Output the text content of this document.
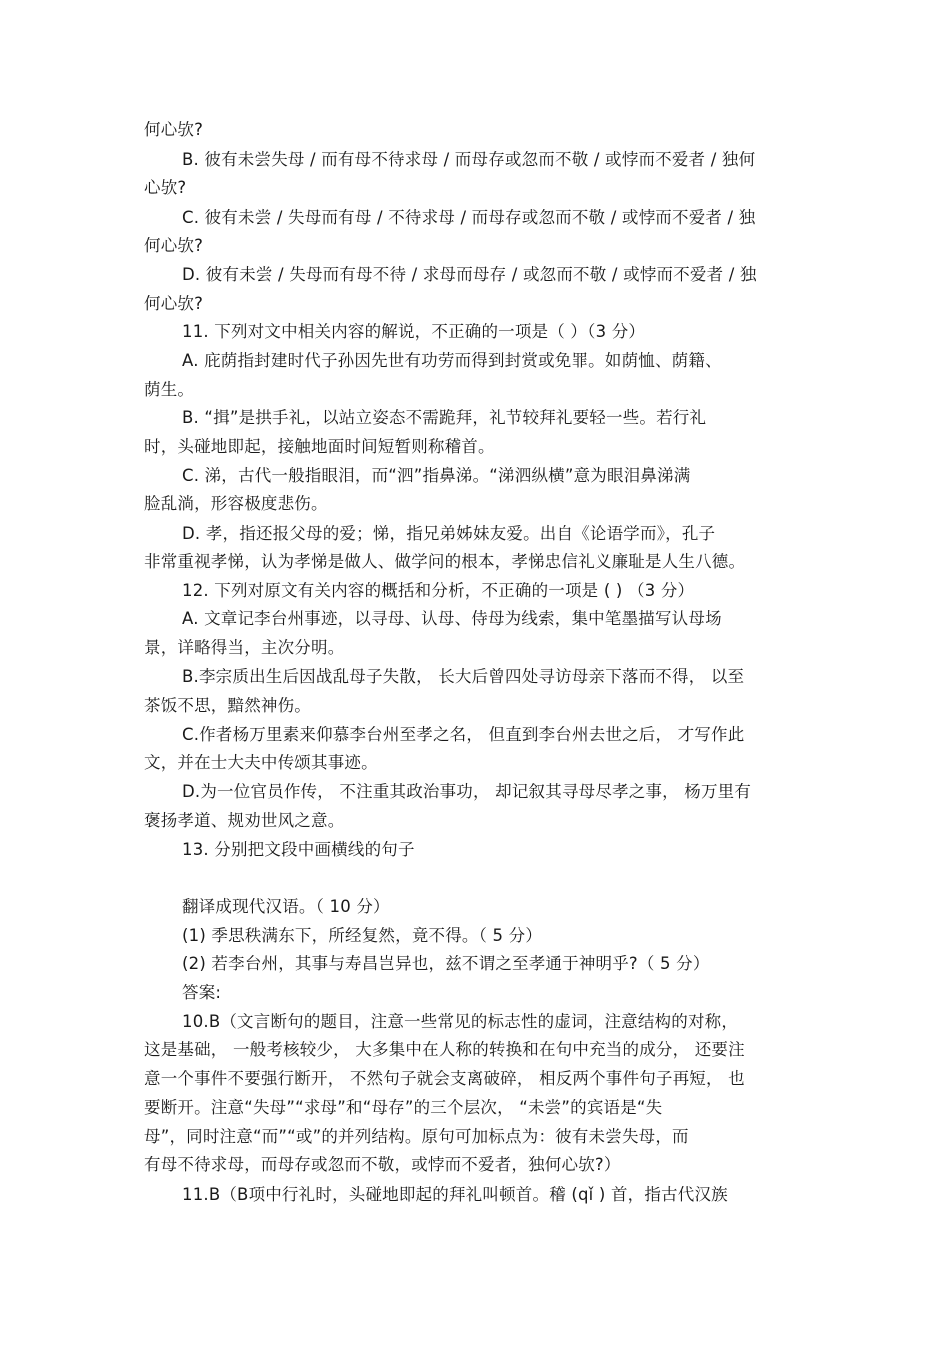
何心欤?
B. 彼有未尝失母 / 而有母不待求母 / 而母存或忽而不敬 / 或悖而不爱者 / 独何
心欤?
C. 彼有未尝 / 失母而有母 / 不待求母 / 而母存或忽而不敬 / 或悖而不爱者 / 独
何心欤?
D. 彼有未尝 / 失母而有母不待 / 求母而母存 / 或忽而不敬 / 或悖而不爱者 / 独
何心欤?
11. 下列对文中相关内容的解说，不正确的一项是（ ）（3 分）
A. 庇荫指封建时代子孙因先世有功劳而得到封赏或免罪。如荫恤、荫籍、
荫生。
B. “揖”是拱手礼，以站立姿态不需跪拜，礼节较拜礼要轻一些。若行礼
时，头碰地即起，接触地面时间短暂则称稽首。
C. 涕，古代一般指眼泪，而“泗”指鼻涕。“涕泗纵横”意为眼泪鼻涕满
脸乱淌，形容极度悲伤。
D. 孝，指还报父母的爱；悌，指兄弟姊妹友爱。出自《论语学而》，孔子
非常重视孝悌，认为孝悌是做人、做学问的根本，孝悌忠信礼义廉耻是人生八德。
12. 下列对原文有关内容的概括和分析，不正确的一项是 ( ) （3 分）
A. 文章记李台州事迹，以寻母、认母、侍母为线索，集中笔墨描写认母场
景，详略得当，主次分明。
B.李宗质出生后因战乱母子失散， 长大后曾四处寻访母亲下落而不得， 以至
茶饭不思，黯然神伤。
C.作者杨万里素来仰慕李台州至孝之名， 但直到李台州去世之后， 才写作此
文，并在士大夫中传颂其事迹。
D.为一位官员作传， 不注重其政治事功， 却记叙其寻母尽孝之事， 杨万里有
褒扬孝道、规劝世风之意。
13. 分别把文段中画横线的句子
翻译成现代汉语。（ 10 分）
(1) 季思秩满东下，所经复然，竟不得。（ 5 分）
(2) 若李台州，其事与寿昌岂异也，兹不谓之至孝通于神明乎?（ 5 分）
答案:
10.B（文言断句的题目，注意一些常见的标志性的虚词，注意结构的对称，
这是基础， 一般考核较少， 大多集中在人称的转换和在句中充当的成分， 还要注
意一个事件不要强行断开， 不然句子就会支离破碎， 相反两个事件句子再短， 也
要断开。注意“失母”“求母”和“母存”的三个层次， “未尝”的宾语是“失
母”，同时注意“而”“或”的并列结构。原句可加标点为：彼有未尝失母，而
有母不待求母，而母存或忽而不敬，或悖而不爱者，独何心欤?）
11.B（B项中行礼时，头碰地即起的拜礼叫顿首。稽 (qǐ ) 首，指古代汉族
